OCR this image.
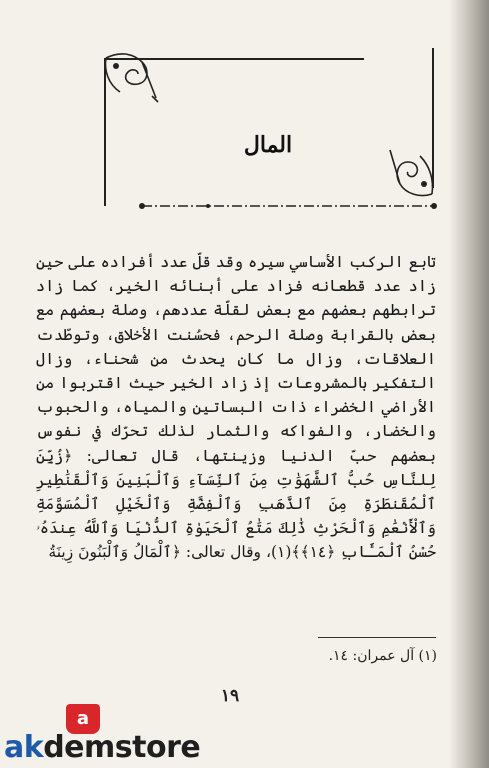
المال

تابع الركب الأساسي سيره وقد قلّ عدد أفراده على حين زاد عدد قطعانه فزاد على أبنائه الخير، كما زاد ترابطهم بعضهم مع بعض لقلّة عددهم، وصلة بعضهم مع بعض بالقرابة وصلة الرحم، فحسُنت الأخلاق، وتوطّدت العلاقات، وزال ما كان يحدث من شحناء، وزال التفكير بالمشروعات إذ زاد الخير حيث اقتربوا من الأراضي الخضراء ذات البساتين والمياه، والحبوب والخضار، والفواكه والثمار لذلك تحرّك في نفوس بعضهم حبّ الدنيا وزينتها، قال تعالى: ﴿زُيِّنَ لِلنَّاسِ حُبُّ ٱلشَّهَوَٰتِ مِنَ ٱلنِّسَآءِ وَٱلْبَنِينَ وَٱلْقَنَٰطِيرِ ٱلْمُقَنطَرَةِ مِنَ ٱلذَّهَبِ وَٱلْفِضَّةِ وَٱلْخَيْلِ ٱلْمُسَوَّمَةِ وَٱلْأَنْعَٰمِ وَٱلْحَرْثِ ذَٰلِكَ مَتَٰعُ ٱلْحَيَوٰةِ ٱلدُّنْيَا وَٱللَّهُ عِندَهُۥ حُسْنُ ٱلْمَـَٔابِ ﴿١٤﴾﴾(١)، وقال تعالى: ﴿ٱلْمَالُ وَٱلْبَنُونَ زِينَةُ

(١) آل عمران: ١٤.
١٩
a
akdemstore
